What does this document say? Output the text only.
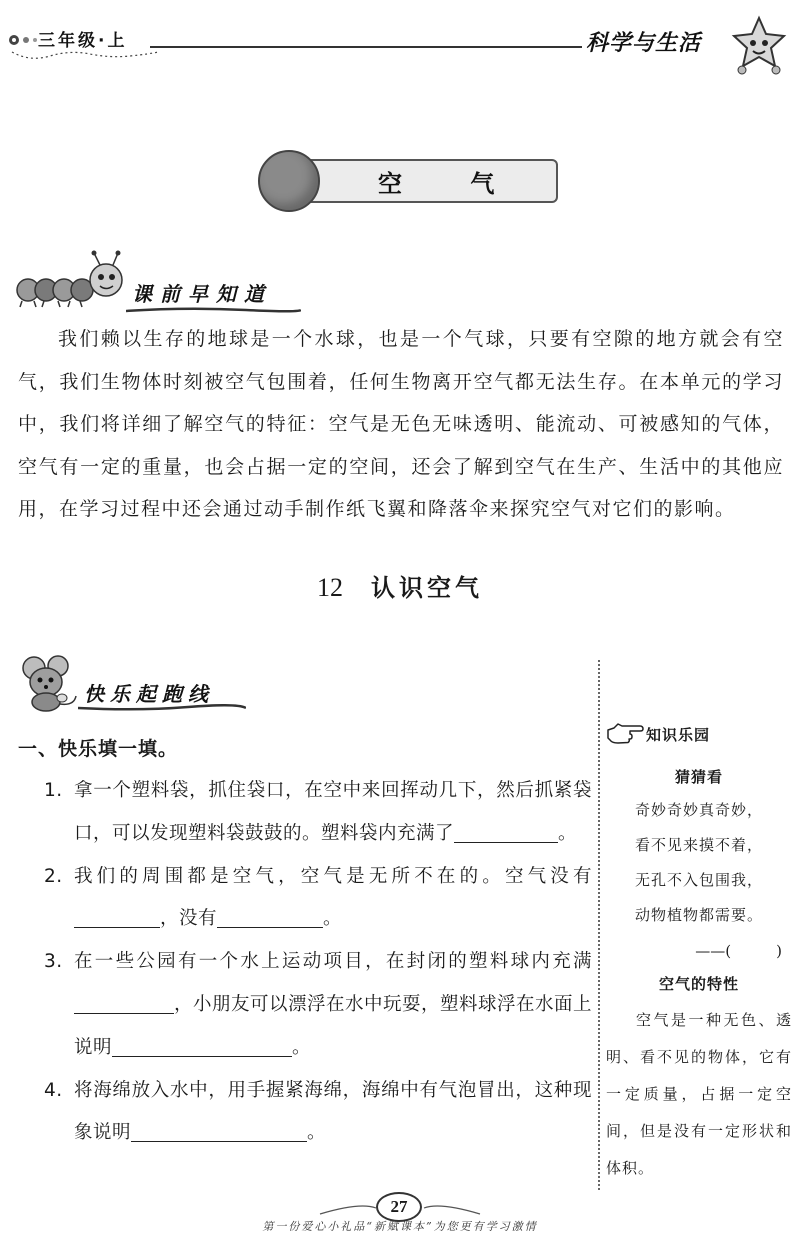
三年级·上	科学与生活
空 气
课前早知道

我们赖以生存的地球是一个水球，也是一个气球，只要有空隙的地方就会有空气，我们生物体时刻被空气包围着，任何生物离开空气都无法生存。在本单元的学习中，我们将详细了解空气的特征：空气是无色无味透明、能流动、可被感知的气体，空气有一定的重量，也会占据一定的空间，还会了解到空气在生产、生活中的其他应用，在学习过程中还会通过动手制作纸飞翼和降落伞来探究空气对它们的影响。

12 认识空气
快乐起跑线
一、快乐填一填。
1. 拿一个塑料袋，抓住袋口，在空中来回挥动几下，然后抓紧袋口，可以发现塑料袋鼓鼓的。塑料袋内充满了	。
2. 我们的周围都是空气，空气是无所不在的。空气没有，没有	。
3. 在一些公园有一个水上运动项目，在封闭的塑料球内充满，小朋友可以漂浮在水中玩耍，塑料球浮在水面上说明	。
4. 将海绵放入水中，用手握紧海绵，海绵中有气泡冒出，这种现象说明	。
知识乐园
猜猜看
奇妙奇妙真奇妙，
看不见来摸不着，
无孔不入包围我，
动物植物都需要。
——(　　　)
空气的特性
空气是一种无色、透明、看不见的物体，它有一定质量，占据一定空间，但是没有一定形状和体积。
27
第一份爱心小礼品“新赋课本”为您更有学习激情
